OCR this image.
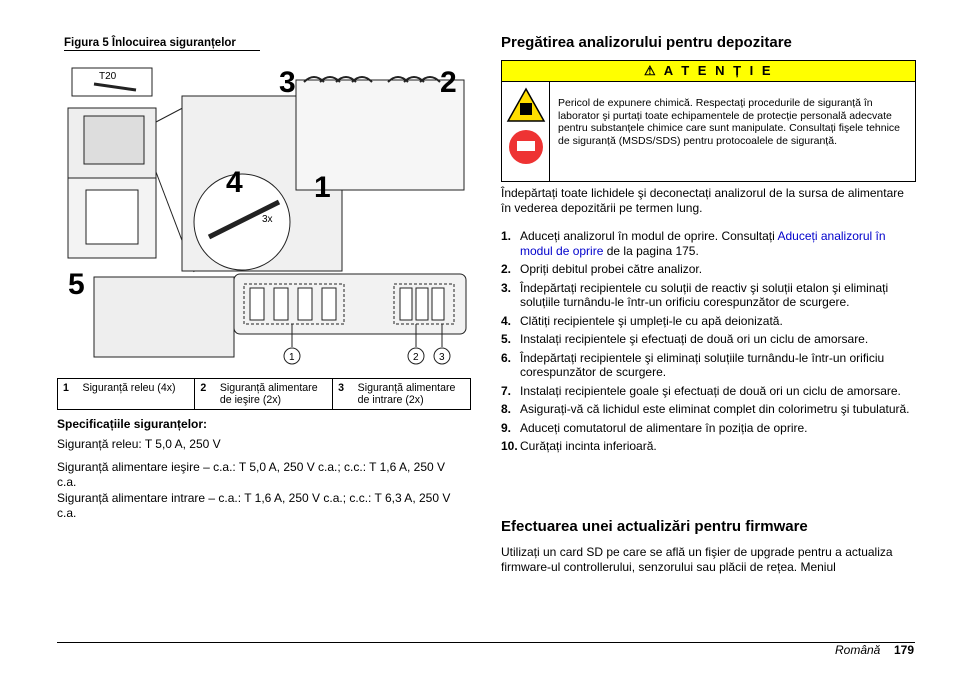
Figura 5 Înlocuirea siguranțelor
T20	3	2
4 1
5
3x
1	2 3
1	Siguranță releu (4x)	2	Siguranță alimentare de ieşire (2x)	3	Siguranță alimentare de intrare (2x)
Specificațiile siguranțelor:
Siguranță releu: T 5,0 A, 250 V
Siguranță alimentare ieşire – c.a.: T 5,0 A, 250 V c.a.; c.c.: T 1,6 A, 250 V c.a.
Siguranță alimentare intrare – c.a.: T 1,6 A, 250 V c.a.; c.c.: T 6,3 A, 250 V c.a.
Pregătirea analizorului pentru depozitare
⚠ A T E N Ț I E
Pericol de expunere chimică. Respectați procedurile de siguranță în laborator şi purtați toate echipamentele de protecție personală adecvate pentru substanțele chimice care sunt manipulate. Consultați fişele tehnice de siguranță (MSDS/SDS) pentru protocoalele de siguranță.
Îndepărtați toate lichidele şi deconectați analizorul de la sursa de alimentare în vederea depozitării pe termen lung.
1. Aduceți analizorul în modul de oprire. Consultați Aduceți analizorul în modul de oprire de la pagina 175.
2. Opriți debitul probei către analizor.
3. Îndepărtați recipientele cu soluții de reactiv şi soluții etalon şi eliminați soluțiile turnându-le într-un orificiu corespunzător de scurgere.
4. Clătiți recipientele şi umpleți-le cu apă deionizată.
5. Instalați recipientele şi efectuați de două ori un ciclu de amorsare.
6. Îndepărtați recipientele şi eliminați soluțiile turnându-le într-un orificiu corespunzător de scurgere.
7. Instalați recipientele goale şi efectuați de două ori un ciclu de amorsare.
8. Asigurați-vă că lichidul este eliminat complet din colorimetru şi tubulatură.
9. Aduceți comutatorul de alimentare în poziția de oprire.
10. Curățați incinta inferioară.
Efectuarea unei actualizări pentru firmware
Utilizați un card SD pe care se află un fişier de upgrade pentru a actualiza firmware-ul controllerului, senzorului sau plăcii de rețea. Meniul
Română 179
